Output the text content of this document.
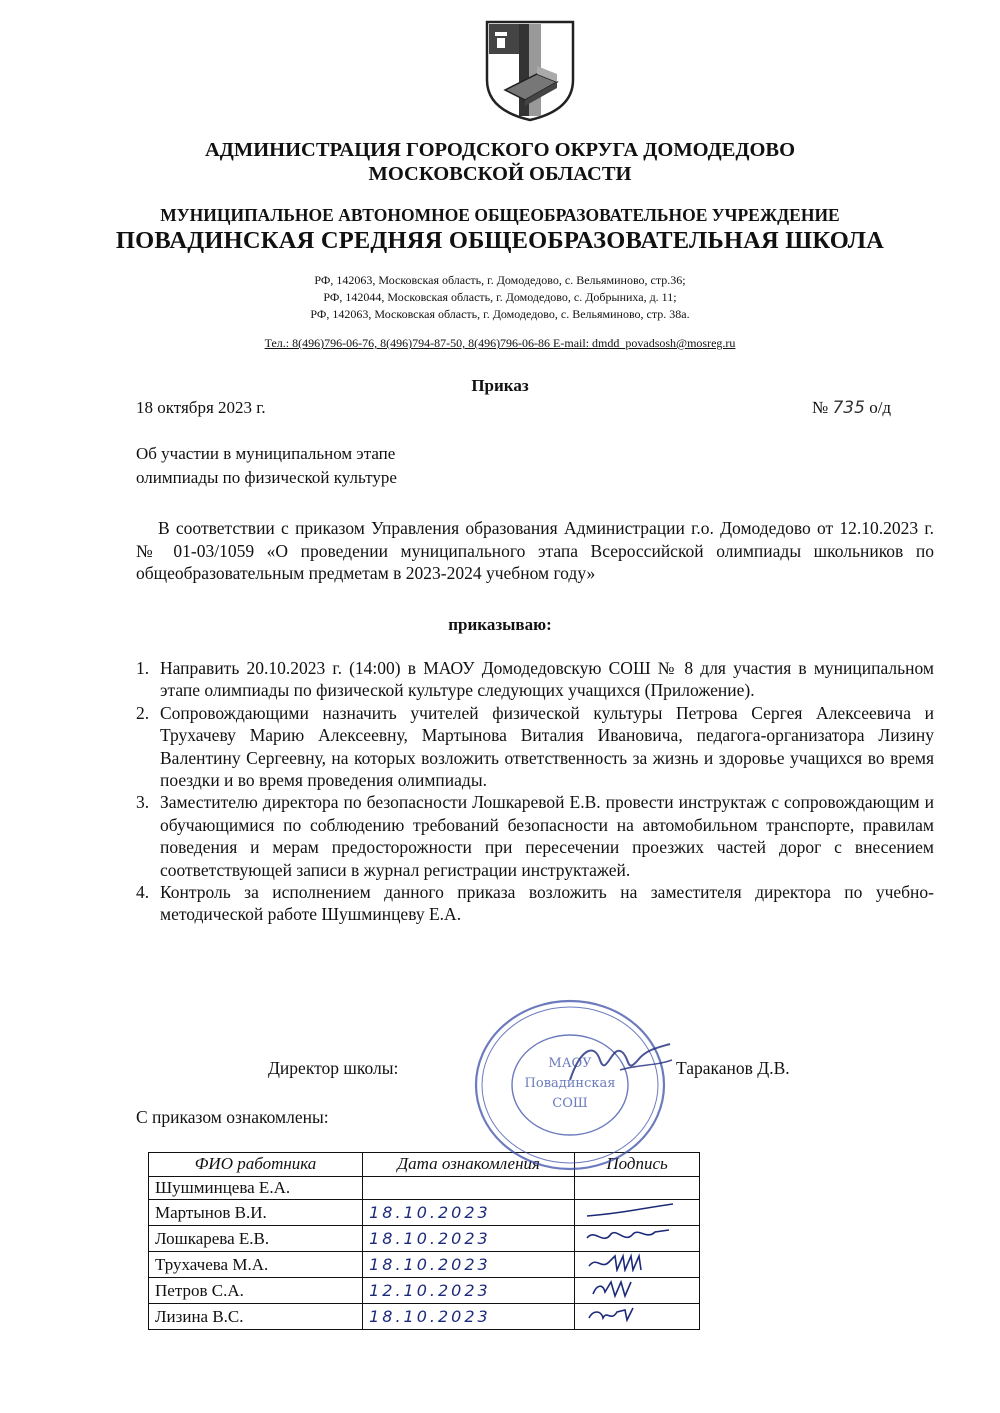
АДМИНИСТРАЦИЯ ГОРОДСКОГО ОКРУГА ДОМОДЕДОВО
МОСКОВСКОЙ ОБЛАСТИ
МУНИЦИПАЛЬНОЕ АВТОНОМНОЕ ОБЩЕОБРАЗОВАТЕЛЬНОЕ УЧРЕЖДЕНИЕ
ПОВАДИНСКАЯ СРЕДНЯЯ ОБЩЕОБРАЗОВАТЕЛЬНАЯ ШКОЛА
РФ, 142063, Московская область, г. Домодедово, с. Вельяминово, стр.36;
РФ, 142044, Московская область, г. Домодедово, с. Добрыниха, д. 11;
РФ, 142063, Московская область, г. Домодедово, с. Вельяминово, стр. 38а.
Тел.: 8(496)796-06-76, 8(496)794-87-50, 8(496)796-06-86 E-mail: dmdd_povadsosh@mosreg.ru
Приказ
18 октября 2023 г.	№ 735 о/д
Об участии в муниципальном этапе
олимпиады по физической культуре
В соответствии с приказом Управления образования Администрации г.о. Домодедово от 12.10.2023 г. № 01-03/1059 «О проведении муниципального этапа Всероссийской олимпиады школьников по общеобразовательным предметам в 2023-2024 учебном году»
приказываю:
1. Направить 20.10.2023 г. (14:00) в МАОУ Домодедовскую СОШ № 8 для участия в муниципальном этапе олимпиады по физической культуре следующих учащихся (Приложение).
2. Сопровождающими назначить учителей физической культуры Петрова Сергея Алексеевича и Трухачеву Марию Алексеевну, Мартынова Виталия Ивановича, педагога-организатора Лизину Валентину Сергеевну, на которых возложить ответственность за жизнь и здоровье учащихся во время поездки и во время проведения олимпиады.
3. Заместителю директора по безопасности Лошкаревой Е.В. провести инструктаж с сопровождающим и обучающимися по соблюдению требований безопасности на автомобильном транспорте, правилам поведения и мерам предосторожности при пересечении проезжих частей дорог с внесением соответствующей записи в журнал регистрации инструктажей.
4. Контроль за исполнением данного приказа возложить на заместителя директора по учебно-методической работе Шушминцеву Е.А.
Директор школы:	Тараканов Д.В.
С приказом ознакомлены:
ФИО работника	Дата ознакомления	Подпись
Шушминцева Е.А.		
Мартынов В.И.	18.10.2023	
Лошкарева Е.В.	18.10.2023	
Трухачева М.А.	18.10.2023	
Петров С.А.	12.10.2023	
Лизина В.С.	18.10.2023	
МАОУ
Повадинская
СОШ
